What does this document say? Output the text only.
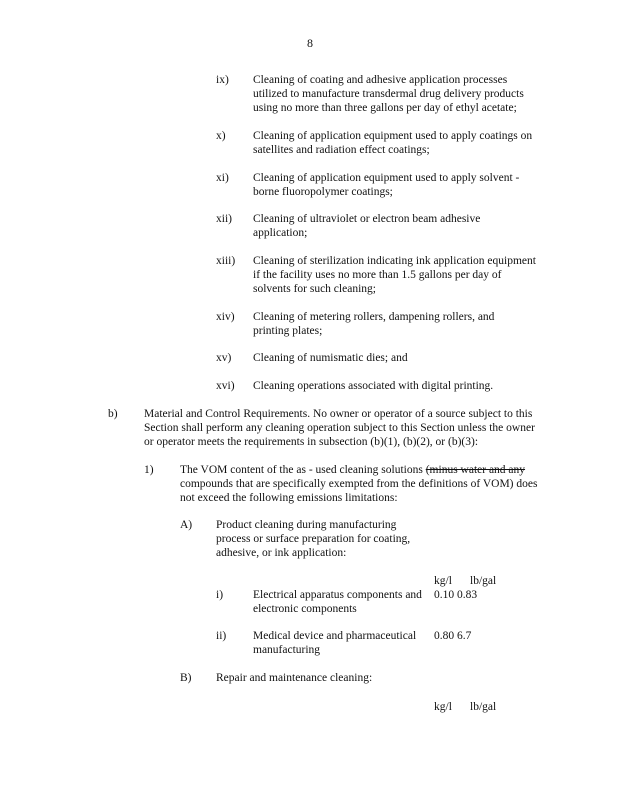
8
ix) Cleaning of coating and adhesive application processes utilized to manufacture transdermal drug delivery products using no more than three gallons per day of ethyl acetate;
x) Cleaning of application equipment used to apply coatings on satellites and radiation effect coatings;
xi) Cleaning of application equipment used to apply solvent - borne fluoropolymer coatings;
xii) Cleaning of ultraviolet or electron beam adhesive application;
xiii) Cleaning of sterilization indicating ink application equipment if the facility uses no more than 1.5 gallons per day of solvents for such cleaning;
xiv) Cleaning of metering rollers, dampening rollers, and printing plates;
xv) Cleaning of numismatic dies; and
xvi) Cleaning operations associated with digital printing.
b) Material and Control Requirements. No owner or operator of a source subject to this Section shall perform any cleaning operation subject to this Section unless the owner or operator meets the requirements in subsection (b)(1), (b)(2), or (b)(3):
1) The VOM content of the as - used cleaning solutions (minus water and any compounds that are specifically exempted from the definitions of VOM) does not exceed the following emissions limitations:
A) Product cleaning during manufacturing process or surface preparation for coating, adhesive, or ink application:
kg/l lb/gal
i)	Electrical apparatus components and electronic components
0.10 0.83
ii) Medical device and pharmaceutical manufacturing
0.80 6.7
B) Repair and maintenance cleaning:
kg/l lb/gal
